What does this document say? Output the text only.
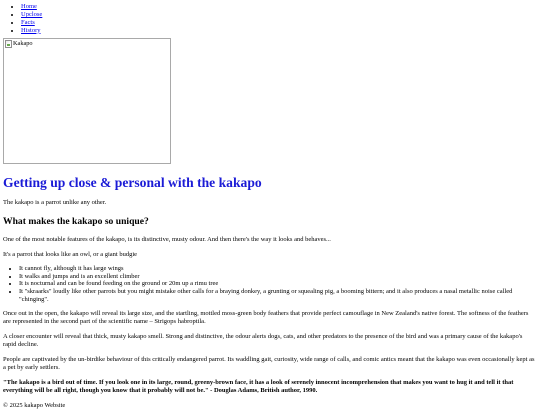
• Home
• Upclose
• Facts
• History
Kakapo
Getting up close & personal with the kakapo

The kakapo is a parrot unlike any other.

What makes the kakapo so unique?

One of the most notable features of the kakapo, is its distinctive, musty odour. And then there's the way it looks and behaves...

It's a parrot that looks like an owl, or a giant budgie

• It cannot fly, although it has large wings
• It walks and jumps and is an excellent climber
• It is nocturnal and can be found feeding on the ground or 20m up a rimu tree
• It "skraarks" loudly like other parrots but you might mistake other calls for a braying donkey, a grunting or squealing pig, a booming bittern; and it also produces a nasal metallic noise called "chinging".

Once out in the open, the kakapo will reveal its large size, and the startling, mottled moss-green body feathers that provide perfect camouflage in New Zealand's native forest. The softness of the feathers are represented in the second part of the scientific name – Strigops habroptila.

A closer encounter will reveal that thick, musty kakapo smell. Strong and distinctive, the odour alerts dogs, cats, and other predators to the presence of the bird and was a primary cause of the kakapo's rapid decline.

People are captivated by the un-birdike behaviour of this critically endangered parrot. Its waddling gait, curiosity, wide range of calls, and comic antics meant that the kakapo was even occasionally kept as a pet by early settlers.

"The kakapo is a bird out of time. If you look one in its large, round, greeny-brown face, it has a look of serenely innocent incomprehension that makes you want to hug it and tell it that everything will be all right, though you know that it probably will not be." - Douglas Adams, British author, 1990.

© 2025 kakapo Website
